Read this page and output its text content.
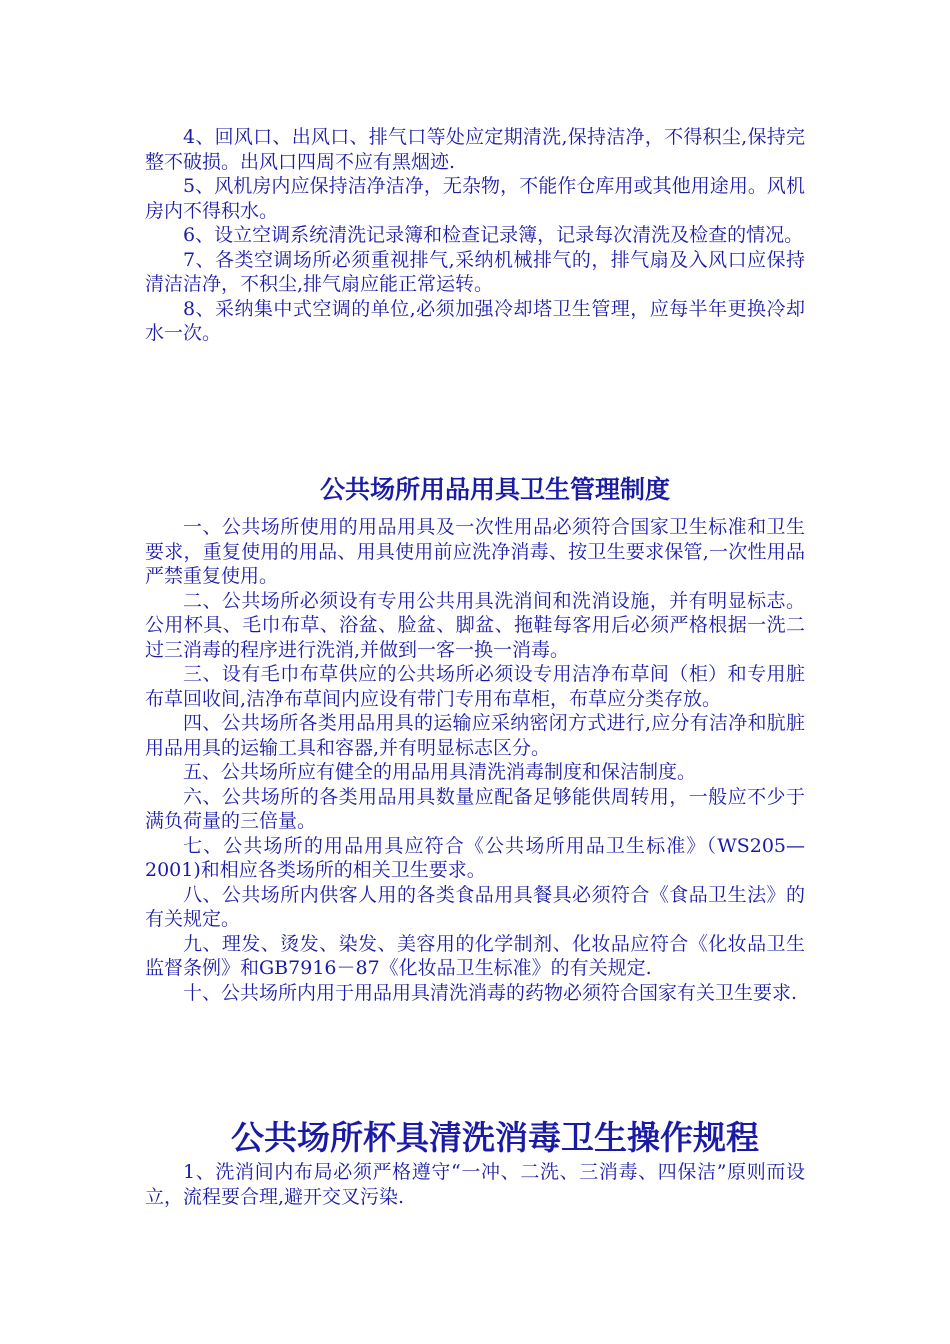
4、回风口、出风口、排气口等处应定期清洗,保持洁净，不得积尘,保持完整不破损。出风口四周不应有黑烟迹.

5、风机房内应保持洁净洁净，无杂物，不能作仓库用或其他用途用。风机房内不得积水。

6、设立空调系统清洗记录簿和检查记录簿，记录每次清洗及检查的情况。

7、各类空调场所必须重视排气,采纳机械排气的，排气扇及入风口应保持清洁洁净，不积尘,排气扇应能正常运转。

8、采纳集中式空调的单位,必须加强冷却塔卫生管理，应每半年更换冷却水一次。

公共场所用品用具卫生管理制度

一、公共场所使用的用品用具及一次性用品必须符合国家卫生标准和卫生要求，重复使用的用品、用具使用前应洗净消毒、按卫生要求保管,一次性用品严禁重复使用。

二、公共场所必须设有专用公共用具洗消间和洗消设施，并有明显标志。公用杯具、毛巾布草、浴盆、脸盆、脚盆、拖鞋每客用后必须严格根据一洗二过三消毒的程序进行洗消,并做到一客一换一消毒。

三、设有毛巾布草供应的公共场所必须设专用洁净布草间（柜）和专用脏布草回收间,洁净布草间内应设有带门专用布草柜，布草应分类存放。

四、公共场所各类用品用具的运输应采纳密闭方式进行,应分有洁净和肮脏用品用具的运输工具和容器,并有明显标志区分。

五、公共场所应有健全的用品用具清洗消毒制度和保洁制度。

六、公共场所的各类用品用具数量应配备足够能供周转用，一般应不少于满负荷量的三倍量。

七、公共场所的用品用具应符合《公共场所用品卫生标准》（WS205—2001)和相应各类场所的相关卫生要求。

八、公共场所内供客人用的各类食品用具餐具必须符合《食品卫生法》的有关规定。

九、理发、烫发、染发、美容用的化学制剂、化妆品应符合《化妆品卫生监督条例》和GB7916－87《化妆品卫生标准》的有关规定.

十、公共场所内用于用品用具清洗消毒的药物必须符合国家有关卫生要求.

公共场所杯具清洗消毒卫生操作规程

1、洗消间内布局必须严格遵守“一冲、二洗、三消毒、四保洁”原则而设立，流程要合理,避开交叉污染.
